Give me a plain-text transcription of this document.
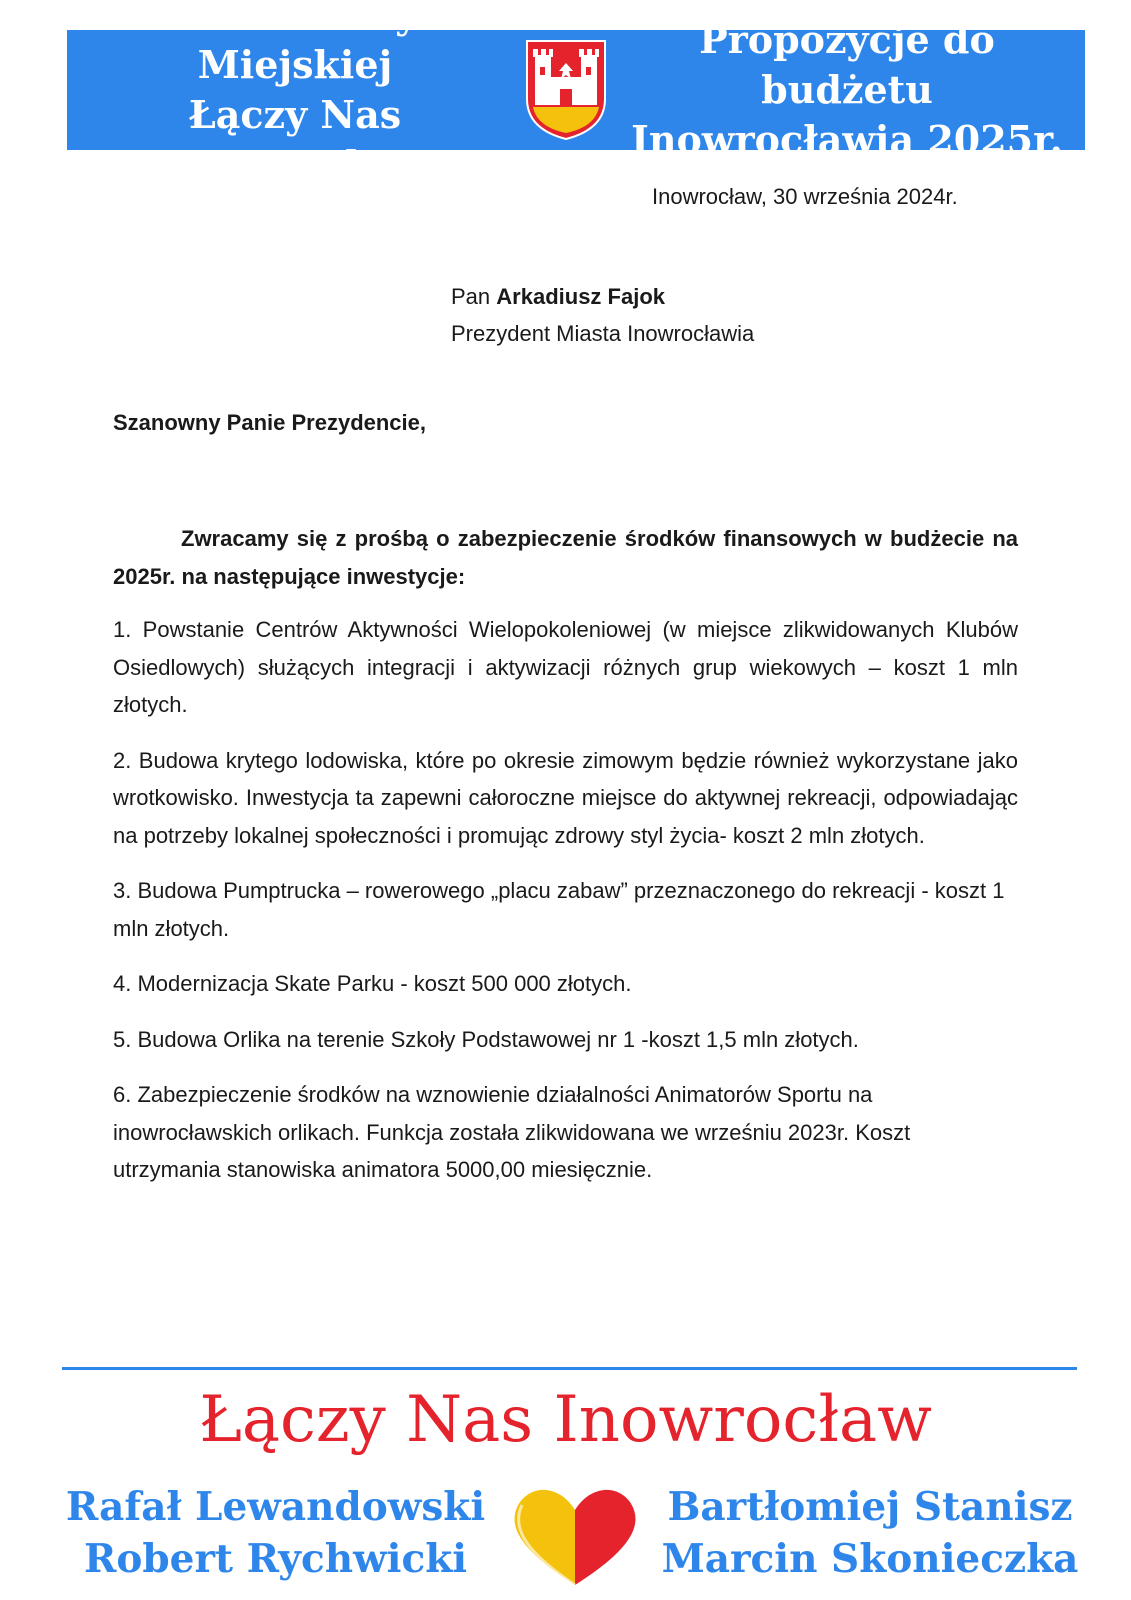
Radni Rady Miejskiej
Łączy Nas Inowrocław
Propozycje do budżetu
Inowrocławia 2025r.
Inowrocław, 30 września 2024r.
Pan Arkadiusz Fajok
Prezydent Miasta Inowrocławia
Szanowny Panie Prezydencie,

Zwracamy się z prośbą o zabezpieczenie środków finansowych w budżecie na 2025r. na następujące inwestycje:

1. Powstanie Centrów Aktywności Wielopokoleniowej (w miejsce zlikwidowanych Klubów Osiedlowych) służących integracji i aktywizacji różnych grup wiekowych – koszt 1 mln złotych.

2. Budowa krytego lodowiska, które po okresie zimowym będzie również wykorzystane jako wrotkowisko. Inwestycja ta zapewni całoroczne miejsce do aktywnej rekreacji, odpowiadając na potrzeby lokalnej społeczności i promując zdrowy styl życia- koszt 2 mln złotych.

3. Budowa Pumptrucka – rowerowego „placu zabaw” przeznaczonego do rekreacji - koszt 1 mln złotych.

4. Modernizacja Skate Parku - koszt 500 000 złotych.

5. Budowa Orlika na terenie Szkoły Podstawowej nr 1 -koszt 1,5 mln złotych.

6. Zabezpieczenie środków na wznowienie działalności Animatorów Sportu na inowrocławskich orlikach. Funkcja została zlikwidowana we wrześniu 2023r. Koszt utrzymania stanowiska animatora 5000,00 miesięcznie.

Łączy Nas Inowrocław
Rafał Lewandowski
Robert Rychwicki
Bartłomiej Stanisz
Marcin Skonieczka
